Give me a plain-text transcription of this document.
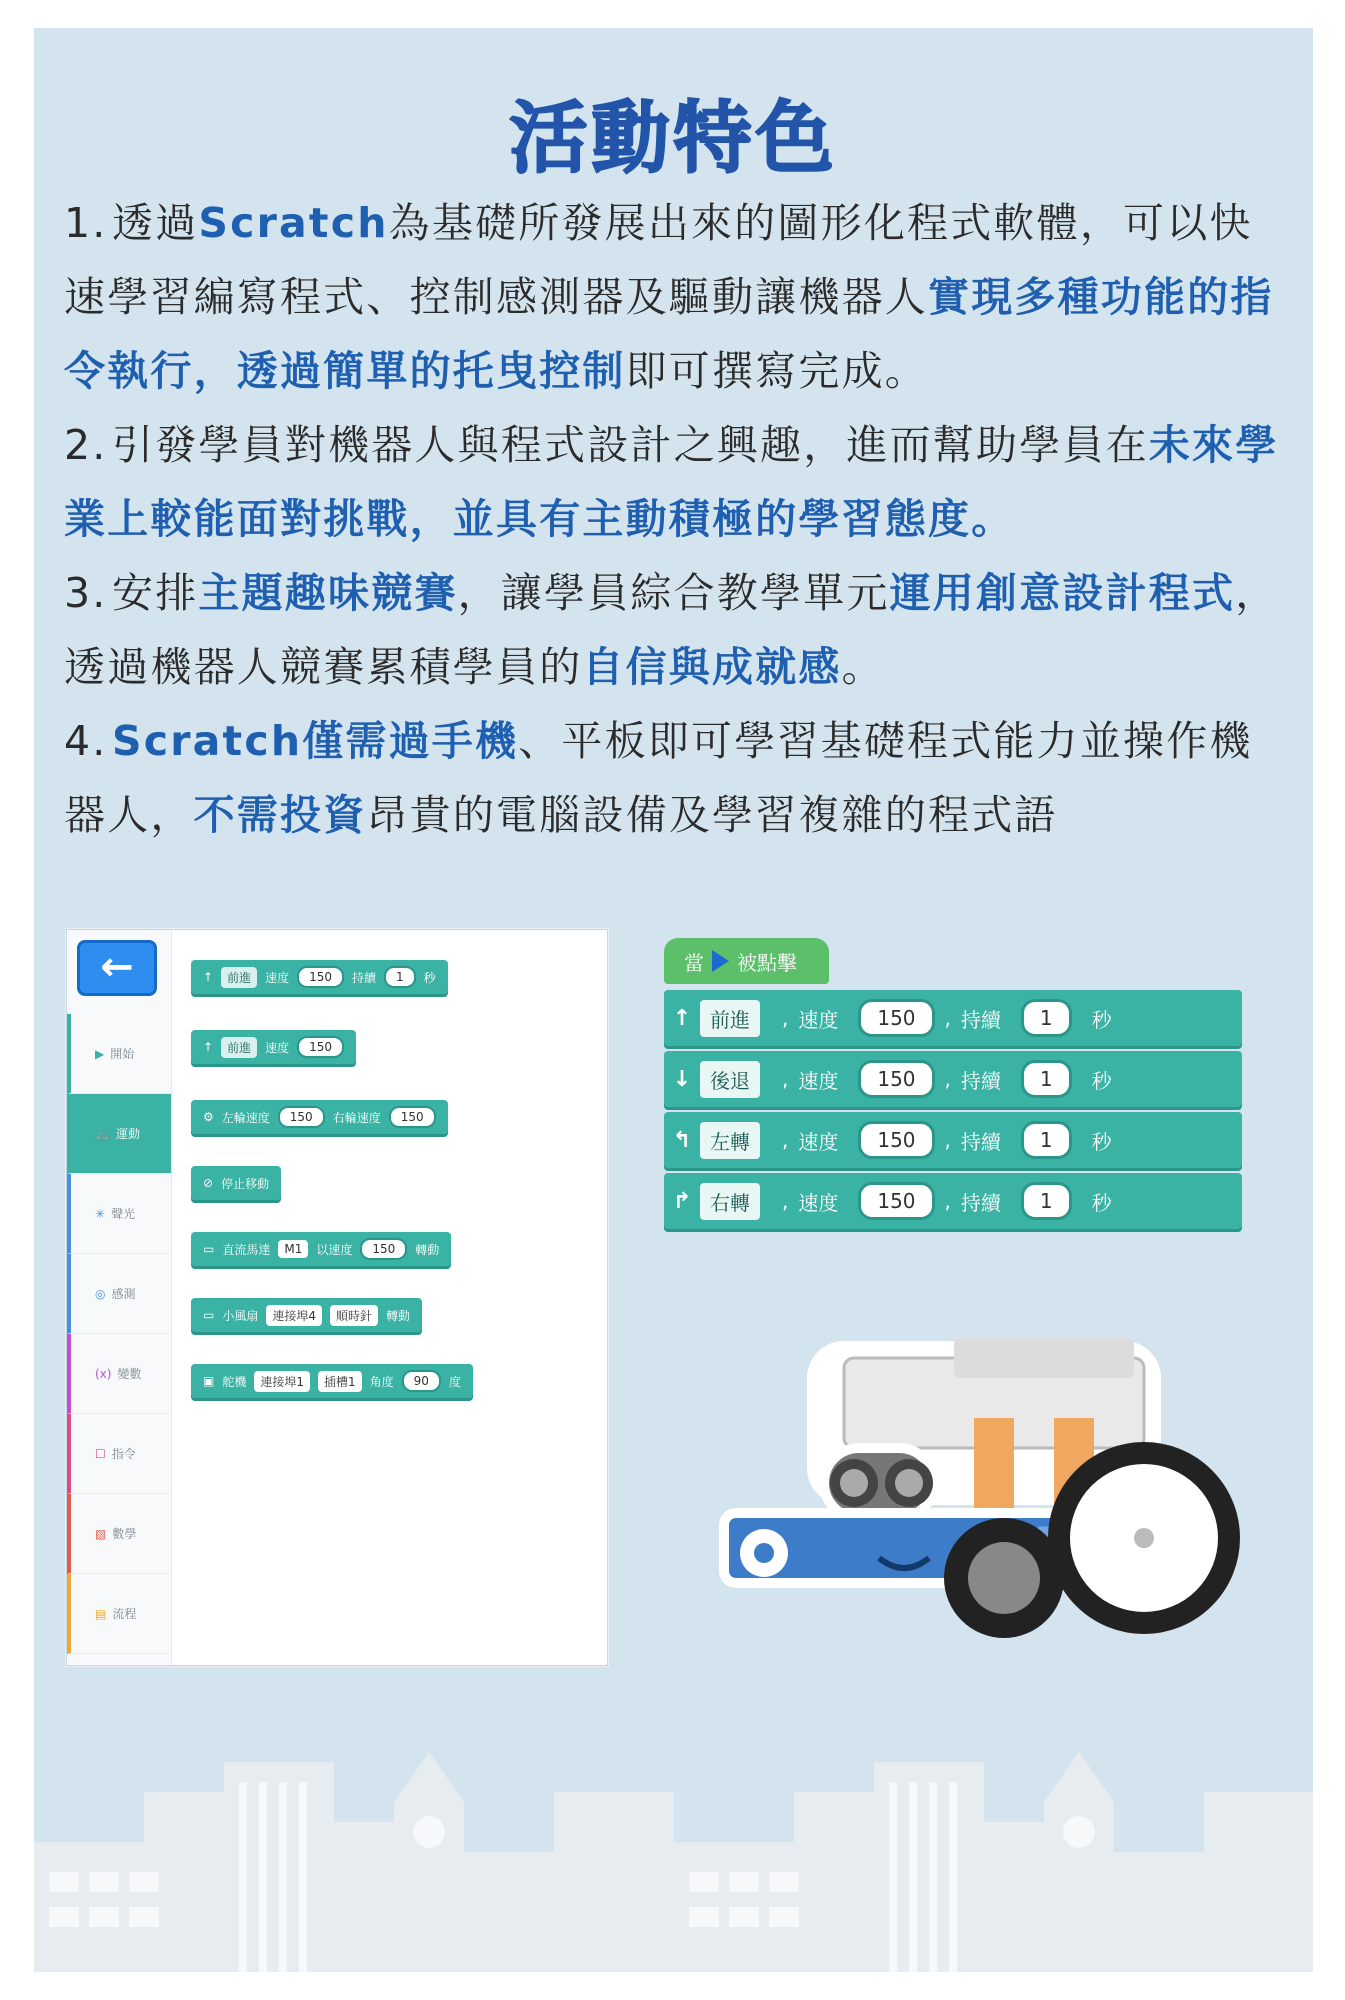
活動特色
1. 透過Scratch為基礎所發展出來的圖形化程式軟體，可以快速學習編寫程式、控制感測器及驅動讓機器人實現多種功能的指令執行，透過簡單的托曳控制即可撰寫完成。
2. 引發學員對機器人與程式設計之興趣，進而幫助學員在未來學業上較能面對挑戰，並具有主動積極的學習態度。
3. 安排主題趣味競賽，讓學員綜合教學單元運用創意設計程式，透過機器人競賽累積學員的自信與成就感。
4. Scratch僅需過手機、平板即可學習基礎程式能力並操作機器人，不需投資昂貴的電腦設備及學習複雜的程式語
←
▶ 開始
🚲 運動
✳ 聲光
◎ 感測
(x) 變數
☐ 指令
▧ 數學
▤ 流程
↑	前進	速度	150	持續	1	秒
↑	前進	速度	150
⚙ 左輪速度	150	右輪速度	150
⊘ 停止移動
▭ 直流馬達	M1	以速度	150	轉動
▭ 小風扇	連接埠4	順時針	轉動
▣ 舵機	連接埠1	插槽1	角度	90	度
當 被點擊
↑ 前進	, 速度	150	, 持續	1	秒
↓ 後退	, 速度	150	, 持續	1	秒
↰ 左轉	, 速度	150	, 持續	1	秒
↱ 右轉	, 速度	150	, 持續	1	秒
